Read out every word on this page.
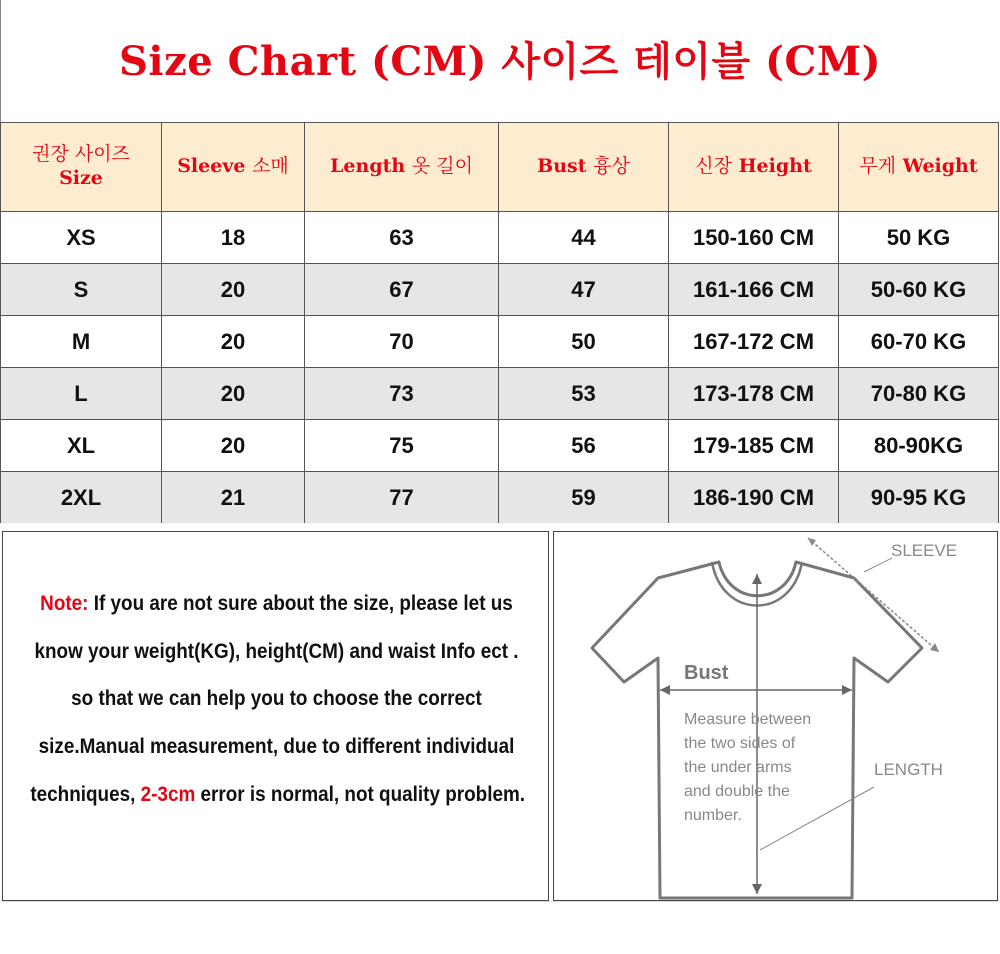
Size Chart (CM) 사이즈 테이블 (CM)
권장 사이즈
Size	Sleeve 소매	Length 옷 길이	Bust 흉상	신장 Height	무게 Weight
XS	18	63	44	150-160 CM	50 KG
S	20	67	47	161-166 CM	50-60 KG
M	20	70	50	167-172 CM	60-70 KG
L	20	73	53	173-178 CM	70-80 KG
XL	20	75	56	179-185 CM	80-90KG
2XL	21	77	59	186-190 CM	90-95 KG
Note: If you are not sure about the size, please let us
know your weight(KG), height(CM) and waist Info ect .
so that we can help you to choose the correct
size.Manual measurement, due to different individual
techniques, 2-3cm error is normal, not quality problem.
SLEEVE
Bust
LENGTH
Measure between
the two sides of
the under arms
and double the
number.
